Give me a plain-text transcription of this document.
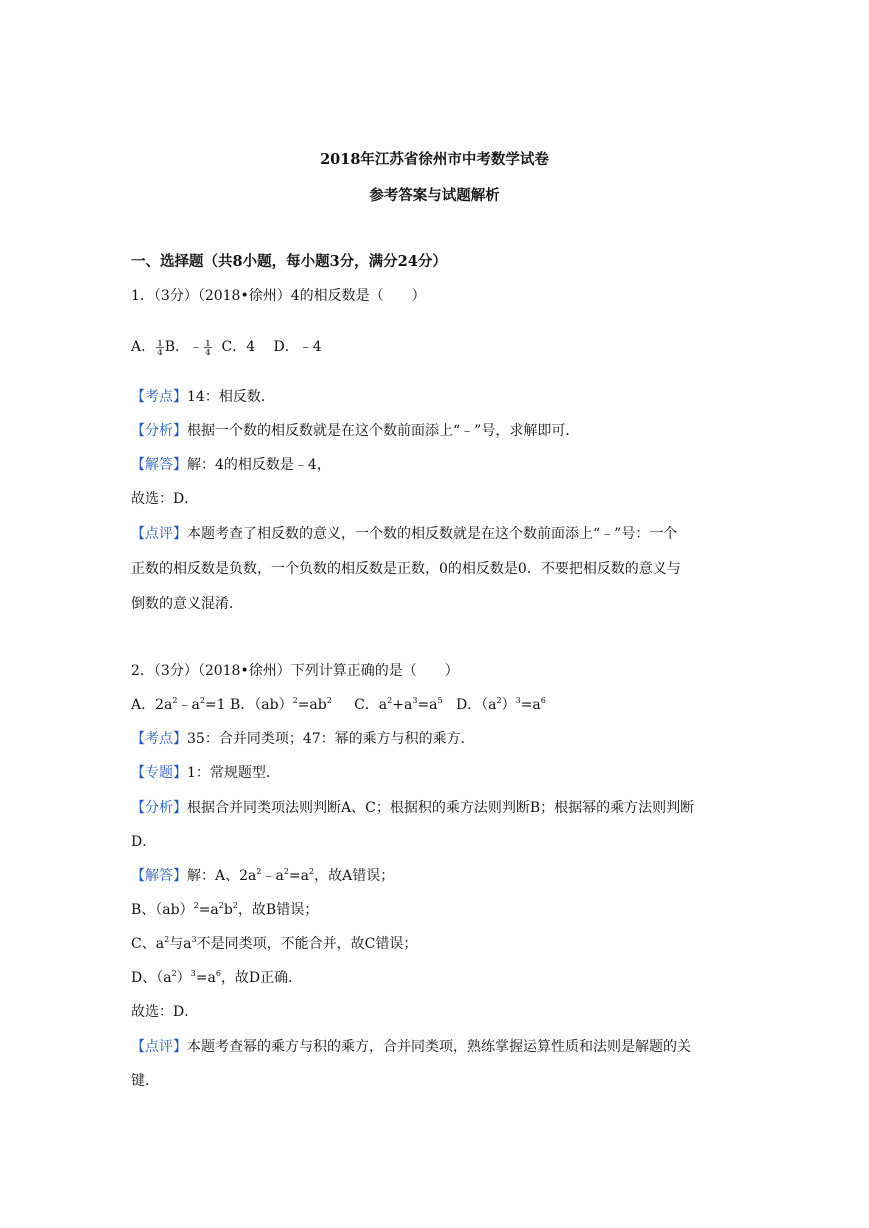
2018年江苏省徐州市中考数学试卷
参考答案与试题解析
一、选择题（共8小题，每小题3分，满分24分）
1．（3分）（2018•徐州）4的相反数是（　　）
A． $\frac{1}{4}$ B．﹣ $\frac{1}{4}$ C．4　 D．﹣4
【考点】14：相反数．
【分析】根据一个数的相反数就是在这个数前面添上“﹣”号，求解即可．
【解答】解：4的相反数是﹣4，
故选：D．
【点评】本题考查了相反数的意义，一个数的相反数就是在这个数前面添上“﹣”号：一个
正数的相反数是负数，一个负数的相反数是正数，0的相反数是0．不要把相反数的意义与
倒数的意义混淆．
2．（3分）（2018•徐州）下列计算正确的是（　　）
A．$2a^2﹣a^2=1$ B．$(ab)^2=ab^2$     C．$a^2+a^3=a^5$   D．$(a^2)^3=a^6$
【考点】35：合并同类项；47：幂的乘方与积的乘方．
【专题】1：常规题型．
【分析】根据合并同类项法则判断A、C；根据积的乘方法则判断B；根据幂的乘方法则判断
D．
【解答】解：A、$2a^2﹣a^2=a^2$，故A错误；
B、$(ab)^2=a^2b^2$，故B错误；
C、$a^2$与$a^3$不是同类项，不能合并，故C错误；
D、$(a^2)^3=a^6$，故D正确．
故选：D．
【点评】本题考查幂的乘方与积的乘方，合并同类项，熟练掌握运算性质和法则是解题的关
键．
